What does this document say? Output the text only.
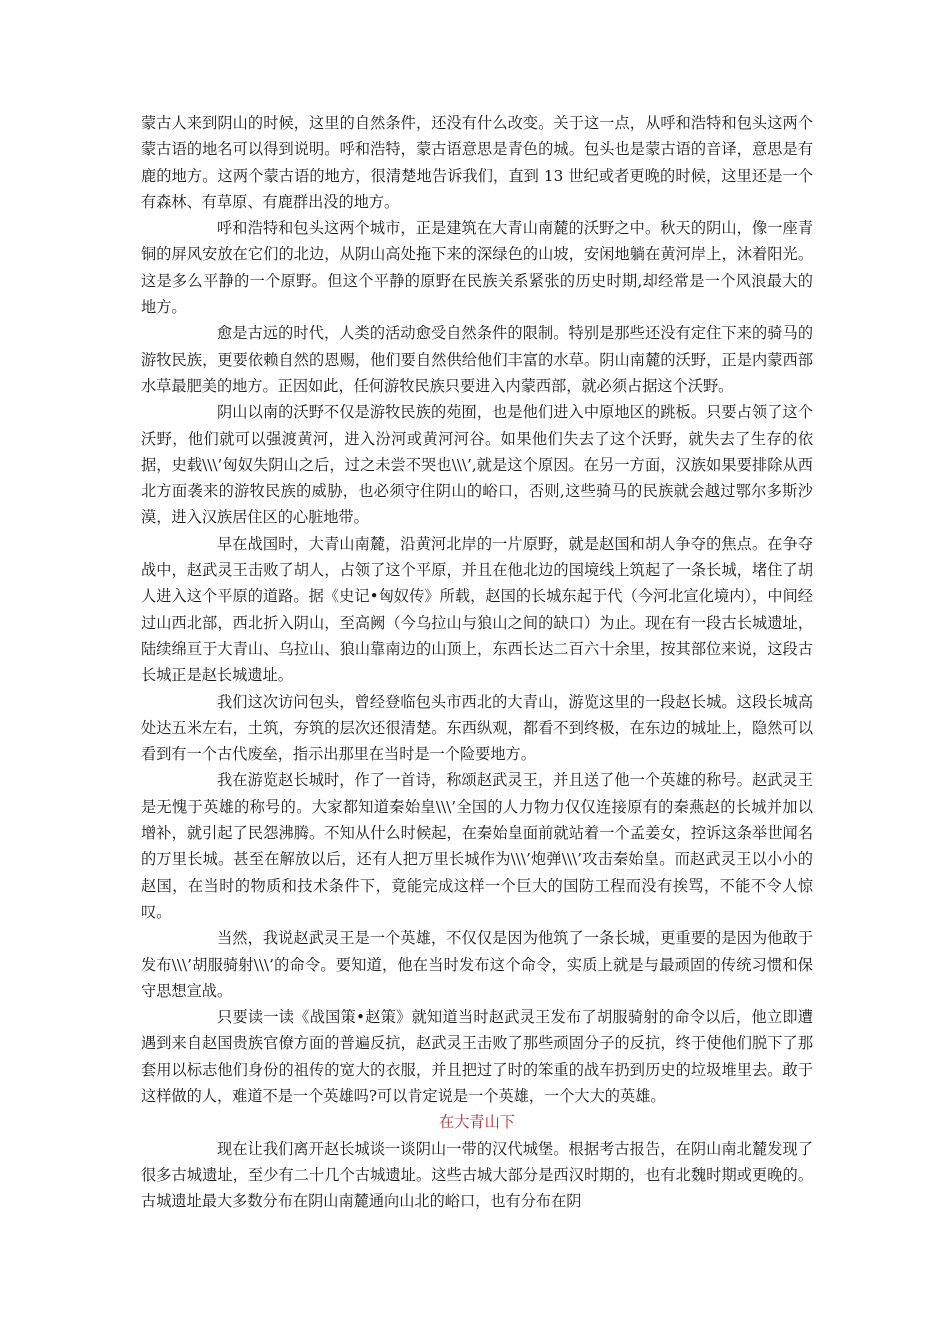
蒙古人来到阴山的时候，这里的自然条件，还没有什么改变。关于这一点，从呼和浩特和包头这两个蒙古语的地名可以得到说明。呼和浩特，蒙古语意思是青色的城。包头也是蒙古语的音译，意思是有鹿的地方。这两个蒙古语的地方，很清楚地告诉我们，直到 13 世纪或者更晚的时候，这里还是一个有森林、有草原、有鹿群出没的地方。

呼和浩特和包头这两个城市，正是建筑在大青山南麓的沃野之中。秋天的阴山，像一座青铜的屏风安放在它们的北边，从阴山高处拖下来的深绿色的山坡，安闲地躺在黄河岸上，沐着阳光。这是多么平静的一个原野。但这个平静的原野在民族关系紧张的历史时期,却经常是一个风浪最大的地方。

愈是古远的时代，人类的活动愈受自然条件的限制。特别是那些还没有定住下来的骑马的游牧民族，更要依赖自然的恩赐，他们要自然供给他们丰富的水草。阴山南麓的沃野，正是内蒙西部水草最肥美的地方。正因如此，任何游牧民族只要进入内蒙西部，就必须占据这个沃野。

阴山以南的沃野不仅是游牧民族的苑囿，也是他们进入中原地区的跳板。只要占领了这个沃野，他们就可以强渡黄河，进入汾河或黄河河谷。如果他们失去了这个沃野，就失去了生存的依据，史载\\\’匈奴失阴山之后，过之未尝不哭也\\\’,就是这个原因。在另一方面，汉族如果要排除从西北方面袭来的游牧民族的威胁，也必须守住阴山的峪口，否则,这些骑马的民族就会越过鄂尔多斯沙漠，进入汉族居住区的心脏地带。

早在战国时，大青山南麓，沿黄河北岸的一片原野，就是赵国和胡人争夺的焦点。在争夺战中，赵武灵王击败了胡人，占领了这个平原，并且在他北边的国境线上筑起了一条长城，堵住了胡人进入这个平原的道路。据《史记•匈奴传》所载，赵国的长城东起于代（今河北宣化境内），中间经过山西北部，西北折入阴山，至高阙（今乌拉山与狼山之间的缺口）为止。现在有一段古长城遗址，陆续绵亘于大青山、乌拉山、狼山靠南边的山顶上，东西长达二百六十余里，按其部位来说，这段古长城正是赵长城遗址。

我们这次访问包头，曾经登临包头市西北的大青山，游览这里的一段赵长城。这段长城高处达五米左右，土筑，夯筑的层次还很清楚。东西纵观，都看不到终极，在东边的城址上，隐然可以看到有一个古代废垒，指示出那里在当时是一个险要地方。

我在游览赵长城时，作了一首诗，称颂赵武灵王，并且送了他一个英雄的称号。赵武灵王是无愧于英雄的称号的。大家都知道秦始皇\\\’全国的人力物力仅仅连接原有的秦燕赵的长城并加以增补，就引起了民怨沸腾。不知从什么时候起，在秦始皇面前就站着一个孟姜女，控诉这条举世闻名的万里长城。甚至在解放以后，还有人把万里长城作为\\\’炮弹\\\’攻击秦始皇。而赵武灵王以小小的赵国，在当时的物质和技术条件下，竟能完成这样一个巨大的国防工程而没有挨骂，不能不令人惊叹。

当然，我说赵武灵王是一个英雄，不仅仅是因为他筑了一条长城，更重要的是因为他敢于发布\\\’胡服骑射\\\’的命令。要知道，他在当时发布这个命令，实质上就是与最顽固的传统习惯和保守思想宣战。

只要读一读《战国策•赵策》就知道当时赵武灵王发布了胡服骑射的命令以后，他立即遭遇到来自赵国贵族官僚方面的普遍反抗，赵武灵王击败了那些顽固分子的反抗，终于使他们脱下了那套用以标志他们身份的祖传的宽大的衣服，并且把过了时的笨重的战车扔到历史的垃圾堆里去。敢于这样做的人，难道不是一个英雄吗?可以肯定说是一个英雄，一个大大的英雄。

在大青山下

现在让我们离开赵长城谈一谈阴山一带的汉代城堡。根据考古报告，在阴山南北麓发现了很多古城遗址，至少有二十几个古城遗址。这些古城大部分是西汉时期的，也有北魏时期或更晚的。古城遗址最大多数分布在阴山南麓通向山北的峪口，也有分布在阴
